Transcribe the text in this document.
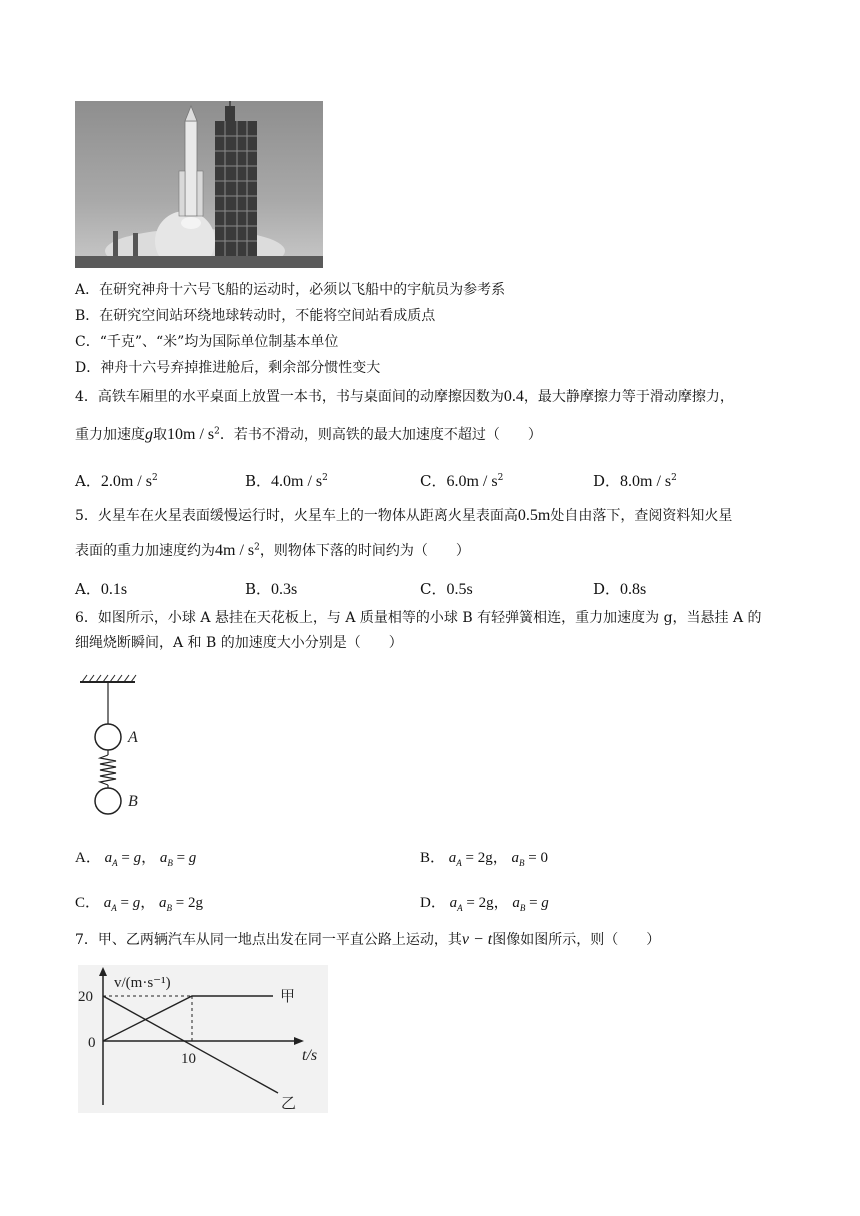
A．在研究神舟十六号飞船的运动时，必须以飞船中的宇航员为参考系
B．在研究空间站环绕地球转动时，不能将空间站看成质点
C．“千克”、“米”均为国际单位制基本单位
D．神舟十六号弃掉推进舱后，剩余部分惯性变大
4．高铁车厢里的水平桌面上放置一本书，书与桌面间的动摩擦因数为0.4，最大静摩擦力等于滑动摩擦力，
重力加速度g取$10m / s^2$．若书不滑动，则高铁的最大加速度不超过（　　）
A．$2.0m / s^2$	B．$4.0m / s^2$	C．$6.0m / s^2$	D．$8.0m / s^2$
5．火星车在火星表面缓慢运行时，火星车上的一物体从距离火星表面高0.5m处自由落下，查阅资料知火星
表面的重力加速度约为$4m / s^2$，则物体下落的时间约为（　　）
A．0.1s	B．0.3s	C．0.5s	D．0.8s
6．如图所示，小球 A 悬挂在天花板上，与 A 质量相等的小球 B 有轻弹簧相连，重力加速度为 g，当悬挂 A 的
细绳烧断瞬间，A 和 B 的加速度大小分别是（　　）
A
B
A． $a_A = g$， $a_B = g$	B． $a_A = 2g$， $a_B = 0$
C． $a_A = g$， $a_B = 2g$	D． $a_A = 2g$， $a_B = g$
7．甲、乙两辆汽车从同一地点出发在同一平直公路上运动，其v − t图像如图所示，则（　　）
v/(m·s⁻¹)
t/s
20
0
10
甲
乙
